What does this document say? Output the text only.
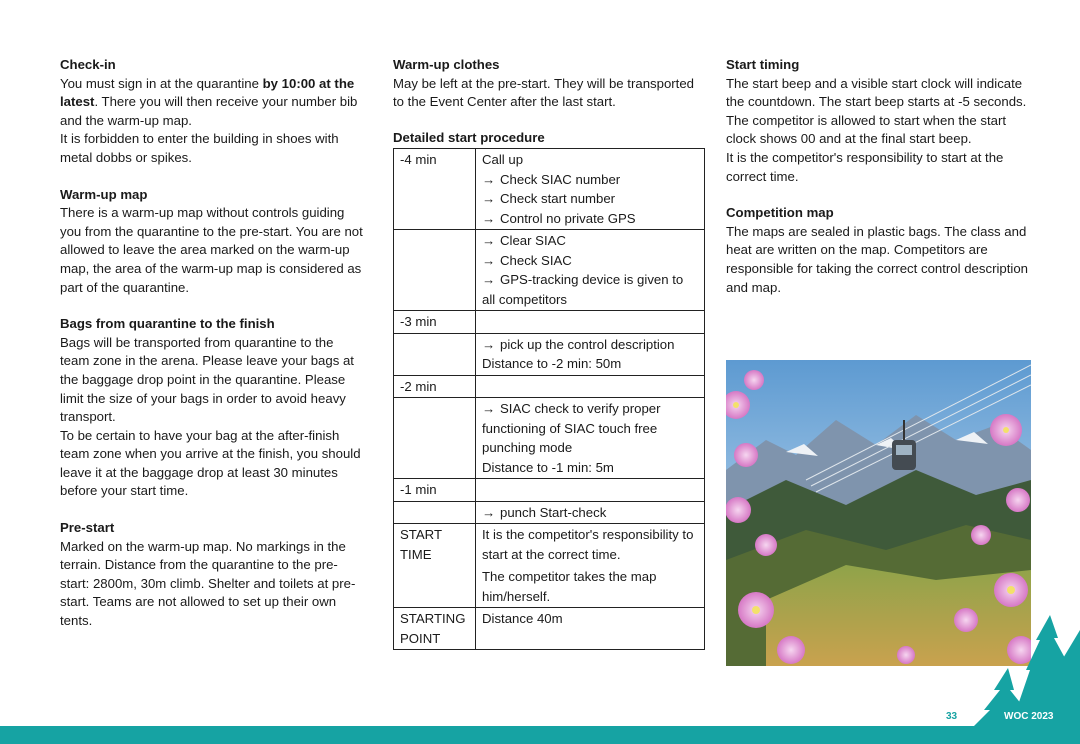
Check-in
You must sign in at the quarantine by 10:00 at the latest. There you will then receive your number bib and the warm-up map.
It is forbidden to enter the building in shoes with metal dobbs or spikes.
Warm-up map
There is a warm-up map without controls guiding you from the quarantine to the pre-start. You are not allowed to leave the area marked on the warm-up map, the area of the warm-up map is considered as part of the quarantine.
Bags from quarantine to the finish
Bags will be transported from quarantine to the team zone in the arena. Please leave your bags at the baggage drop point in the quarantine. Please limit the size of your bags in order to avoid heavy transport.
To be certain to have your bag at the after-finish team zone when you arrive at the finish, you should leave it at the baggage drop at least 30 minutes before your start time.
Pre-start
Marked on the warm-up map. No markings in the terrain. Distance from the quarantine to the pre-start: 2800m, 30m climb. Shelter and toilets at pre-start. Teams are not allowed to set up their own tents.
Warm-up clothes
May be left at the pre-start. They will be transported to the Event Center after the last start.
Detailed start procedure
-4 min	Call up
→ Check SIAC number
→ Check start number
→ Control no private GPS

	→ Clear SIAC
→ Check SIAC
→ GPS-tracking device is given to all competitors

-3 min	

	→ pick up the control description
Distance to -2 min: 50m

-2 min	

	→ SIAC check to verify proper functioning of SIAC touch free punching mode
Distance to -1 min: 5m

-1 min	

	→ punch Start-check

START TIME	It is the competitor's responsibility to start at the correct time.
The competitor takes the map him/herself.

STARTING POINT	Distance 40m
Start timing
The start beep and a visible start clock will indicate the countdown. The start beep starts at -5 seconds. The competitor is allowed to start when the start clock shows 00 and at the final start beep.
It is the competitor's responsibility to start at the correct time.
Competition map
The maps are sealed in plastic bags. The class and heat are written on the map. Competitors are responsible for taking the correct control description and map.
33	WOC 2023
